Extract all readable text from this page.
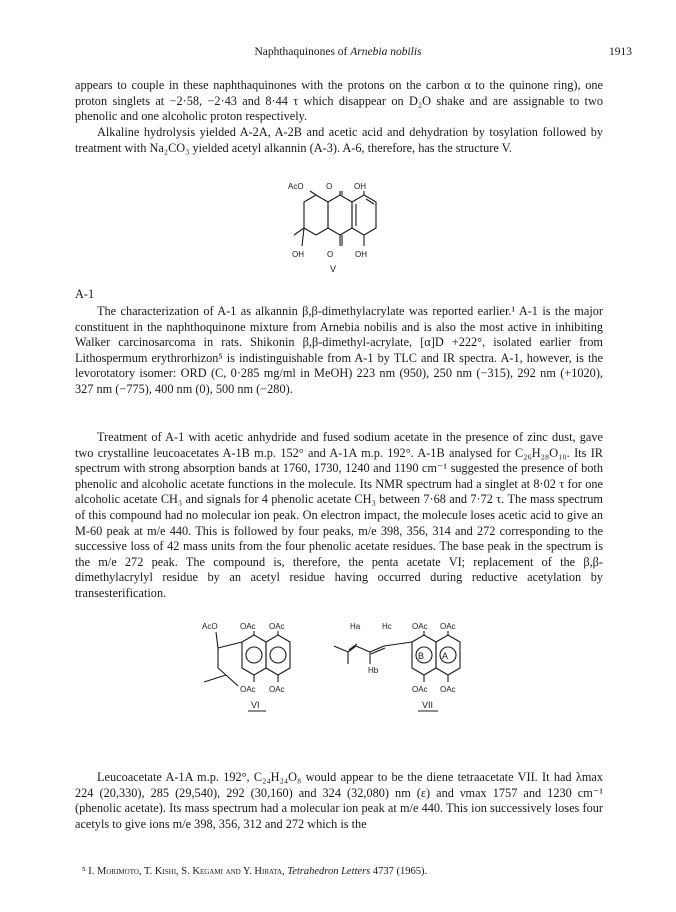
Naphthaquinones of Arnebia nobilis	1913

appears to couple in these naphthaquinones with the protons on the carbon α to the quinone ring), one proton singlets at −2·58, −2·43 and 8·44 τ which disappear on D₂O shake and are assignable to two phenolic and one alcoholic proton respectively.

Alkaline hydrolysis yielded A-2A, A-2B and acetic acid and dehydration by tosylation followed by treatment with Na₂CO₃ yielded acetyl alkannin (A-3). A-6, therefore, has the structure V.

AcO	O	OH
OH	O	OH
V
A-1

The characterization of A-1 as alkannin β,β-dimethylacrylate was reported earlier.¹ A-1 is the major constituent in the naphthoquinone mixture from Arnebia nobilis and is also the most active in inhibiting Walker carcinosarcoma in rats. Shikonin β,β-dimethyl-acrylate, [α]D +222°, isolated earlier from Lithospermum erythrorhizon⁵ is indistinguishable from A-1 by TLC and IR spectra. A-1, however, is the levorotatory isomer: ORD (C, 0·285 mg/ml in MeOH) 223 nm (950), 250 nm (−315), 292 nm (+1020), 327 nm (−775), 400 nm (0), 500 nm (−280).

Treatment of A-1 with acetic anhydride and fused sodium acetate in the presence of zinc dust, gave two crystalline leucoacetates A-1B m.p. 152° and A-1A m.p. 192°. A-1B analysed for C₂₆H₂₈O₁₀. Its IR spectrum with strong absorption bands at 1760, 1730, 1240 and 1190 cm⁻¹ suggested the presence of both phenolic and alcoholic acetate functions in the molecule. Its NMR spectrum had a singlet at 8·02 τ for one alcoholic acetate CH₃ and signals for 4 phenolic acetate CH₃ between 7·68 and 7·72 τ. The mass spectrum of this compound had no molecular ion peak. On electron impact, the molecule loses acetic acid to give an M-60 peak at m/e 440. This is followed by four peaks, m/e 398, 356, 314 and 272 corresponding to the successive loss of 42 mass units from the four phenolic acetate residues. The base peak in the spectrum is the m/e 272 peak. The compound is, therefore, the penta acetate VI; replacement of the β,β-dimethylacrylyl residue by an acetyl residue having occurred during reductive acetylation by transesterification.

AcO	OAc OAc
OAc OAc
VI
Ha	Hc	OAc OAc
Hb
OAc OAc
B A
VII

Leucoacetate A-1A m.p. 192°, C₂₄H₂₄O₈ would appear to be the diene tetraacetate VII. It had λmax 224 (20,330), 285 (29,540), 292 (30,160) and 324 (32,080) nm (ε) and νmax 1757 and 1230 cm⁻¹ (phenolic acetate). Its mass spectrum had a molecular ion peak at m/e 440. This ion successively loses four acetyls to give ions m/e 398, 356, 312 and 272 which is the

⁵ I. Morimoto, T. Kishi, S. Kegami and Y. Hirata, Tetrahedron Letters 4737 (1965).
